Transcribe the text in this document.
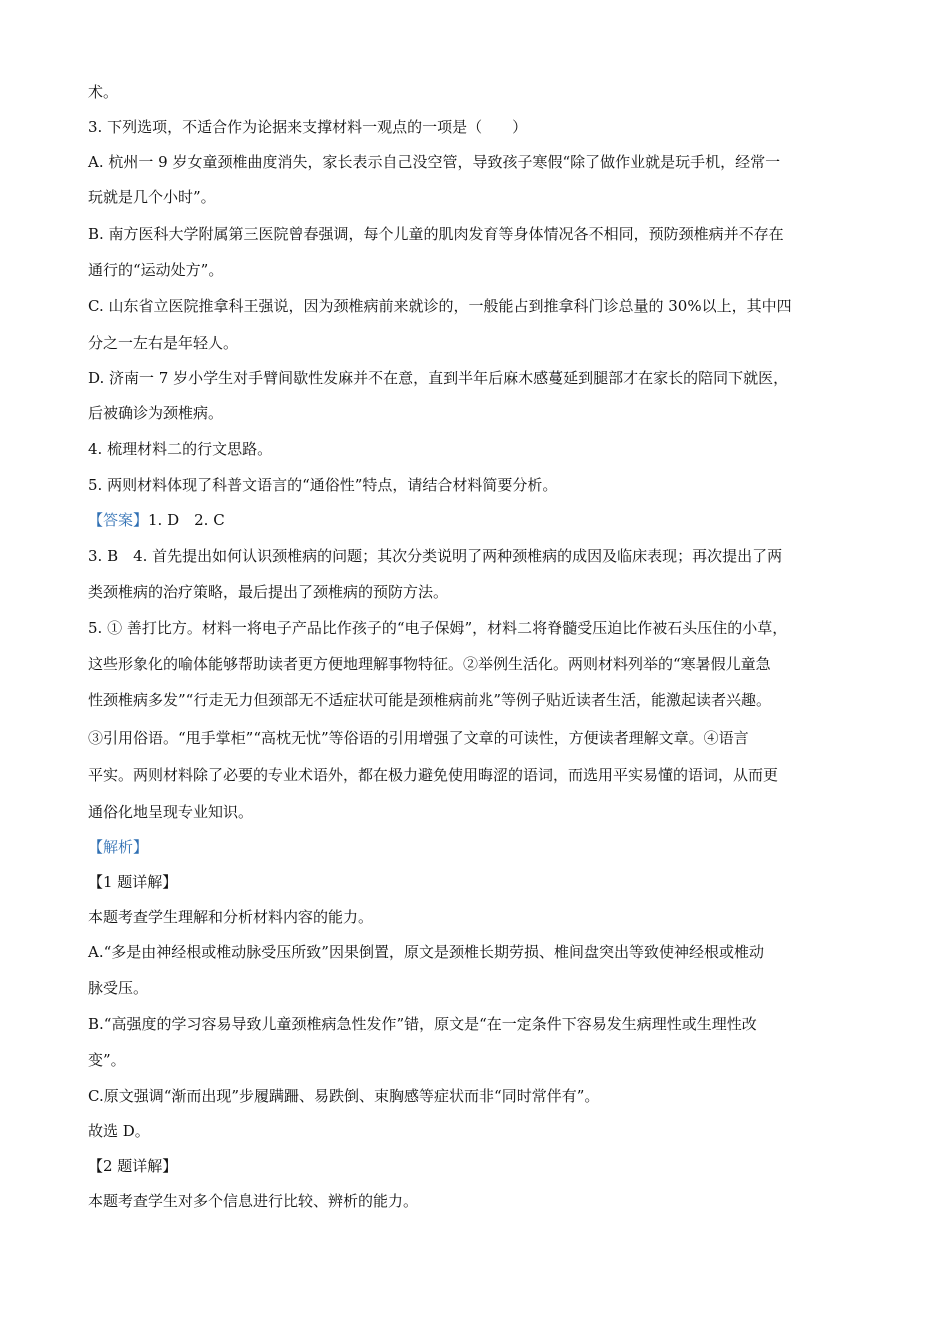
术。
3. 下列选项，不适合作为论据来支撑材料一观点的一项是（　　）
A. 杭州一 9 岁女童颈椎曲度消失，家长表示自己没空管，导致孩子寒假“除了做作业就是玩手机，经常一
玩就是几个小时”。
B. 南方医科大学附属第三医院曾春强调，每个儿童的肌肉发育等身体情况各不相同，预防颈椎病并不存在
通行的“运动处方”。
C. 山东省立医院推拿科王强说，因为颈椎病前来就诊的，一般能占到推拿科门诊总量的 30%以上，其中四
分之一左右是年轻人。
D. 济南一 7 岁小学生对手臂间歇性发麻并不在意，直到半年后麻木感蔓延到腿部才在家长的陪同下就医，
后被确诊为颈椎病。
4. 梳理材料二的行文思路。
5. 两则材料体现了科普文语言的“通俗性”特点，请结合材料简要分析。
【答案】1. D　2. C
3. B　4. 首先提出如何认识颈椎病的问题；其次分类说明了两种颈椎病的成因及临床表现；再次提出了两
类颈椎病的治疗策略，最后提出了颈椎病的预防方法。
5. ① 善打比方。材料一将电子产品比作孩子的“电子保姆”，材料二将脊髓受压迫比作被石头压住的小草，
这些形象化的喻体能够帮助读者更方便地理解事物特征。②举例生活化。两则材料列举的“寒暑假儿童急
性颈椎病多发”“行走无力但颈部无不适症状可能是颈椎病前兆”等例子贴近读者生活，能激起读者兴趣。
③引用俗语。“甩手掌柜”“高枕无忧”等俗语的引用增强了文章的可读性，方便读者理解文章。④语言
平实。两则材料除了必要的专业术语外，都在极力避免使用晦涩的语词，而选用平实易懂的语词，从而更
通俗化地呈现专业知识。
【解析】
【1 题详解】
本题考查学生理解和分析材料内容的能力。
A.“多是由神经根或椎动脉受压所致”因果倒置，原文是颈椎长期劳损、椎间盘突出等致使神经根或椎动
脉受压。
B.“高强度的学习容易导致儿童颈椎病急性发作”错，原文是“在一定条件下容易发生病理性或生理性改
变”。
C.原文强调“渐而出现”步履蹒跚、易跌倒、束胸感等症状而非“同时常伴有”。
故选 D。
【2 题详解】
本题考查学生对多个信息进行比较、辨析的能力。
